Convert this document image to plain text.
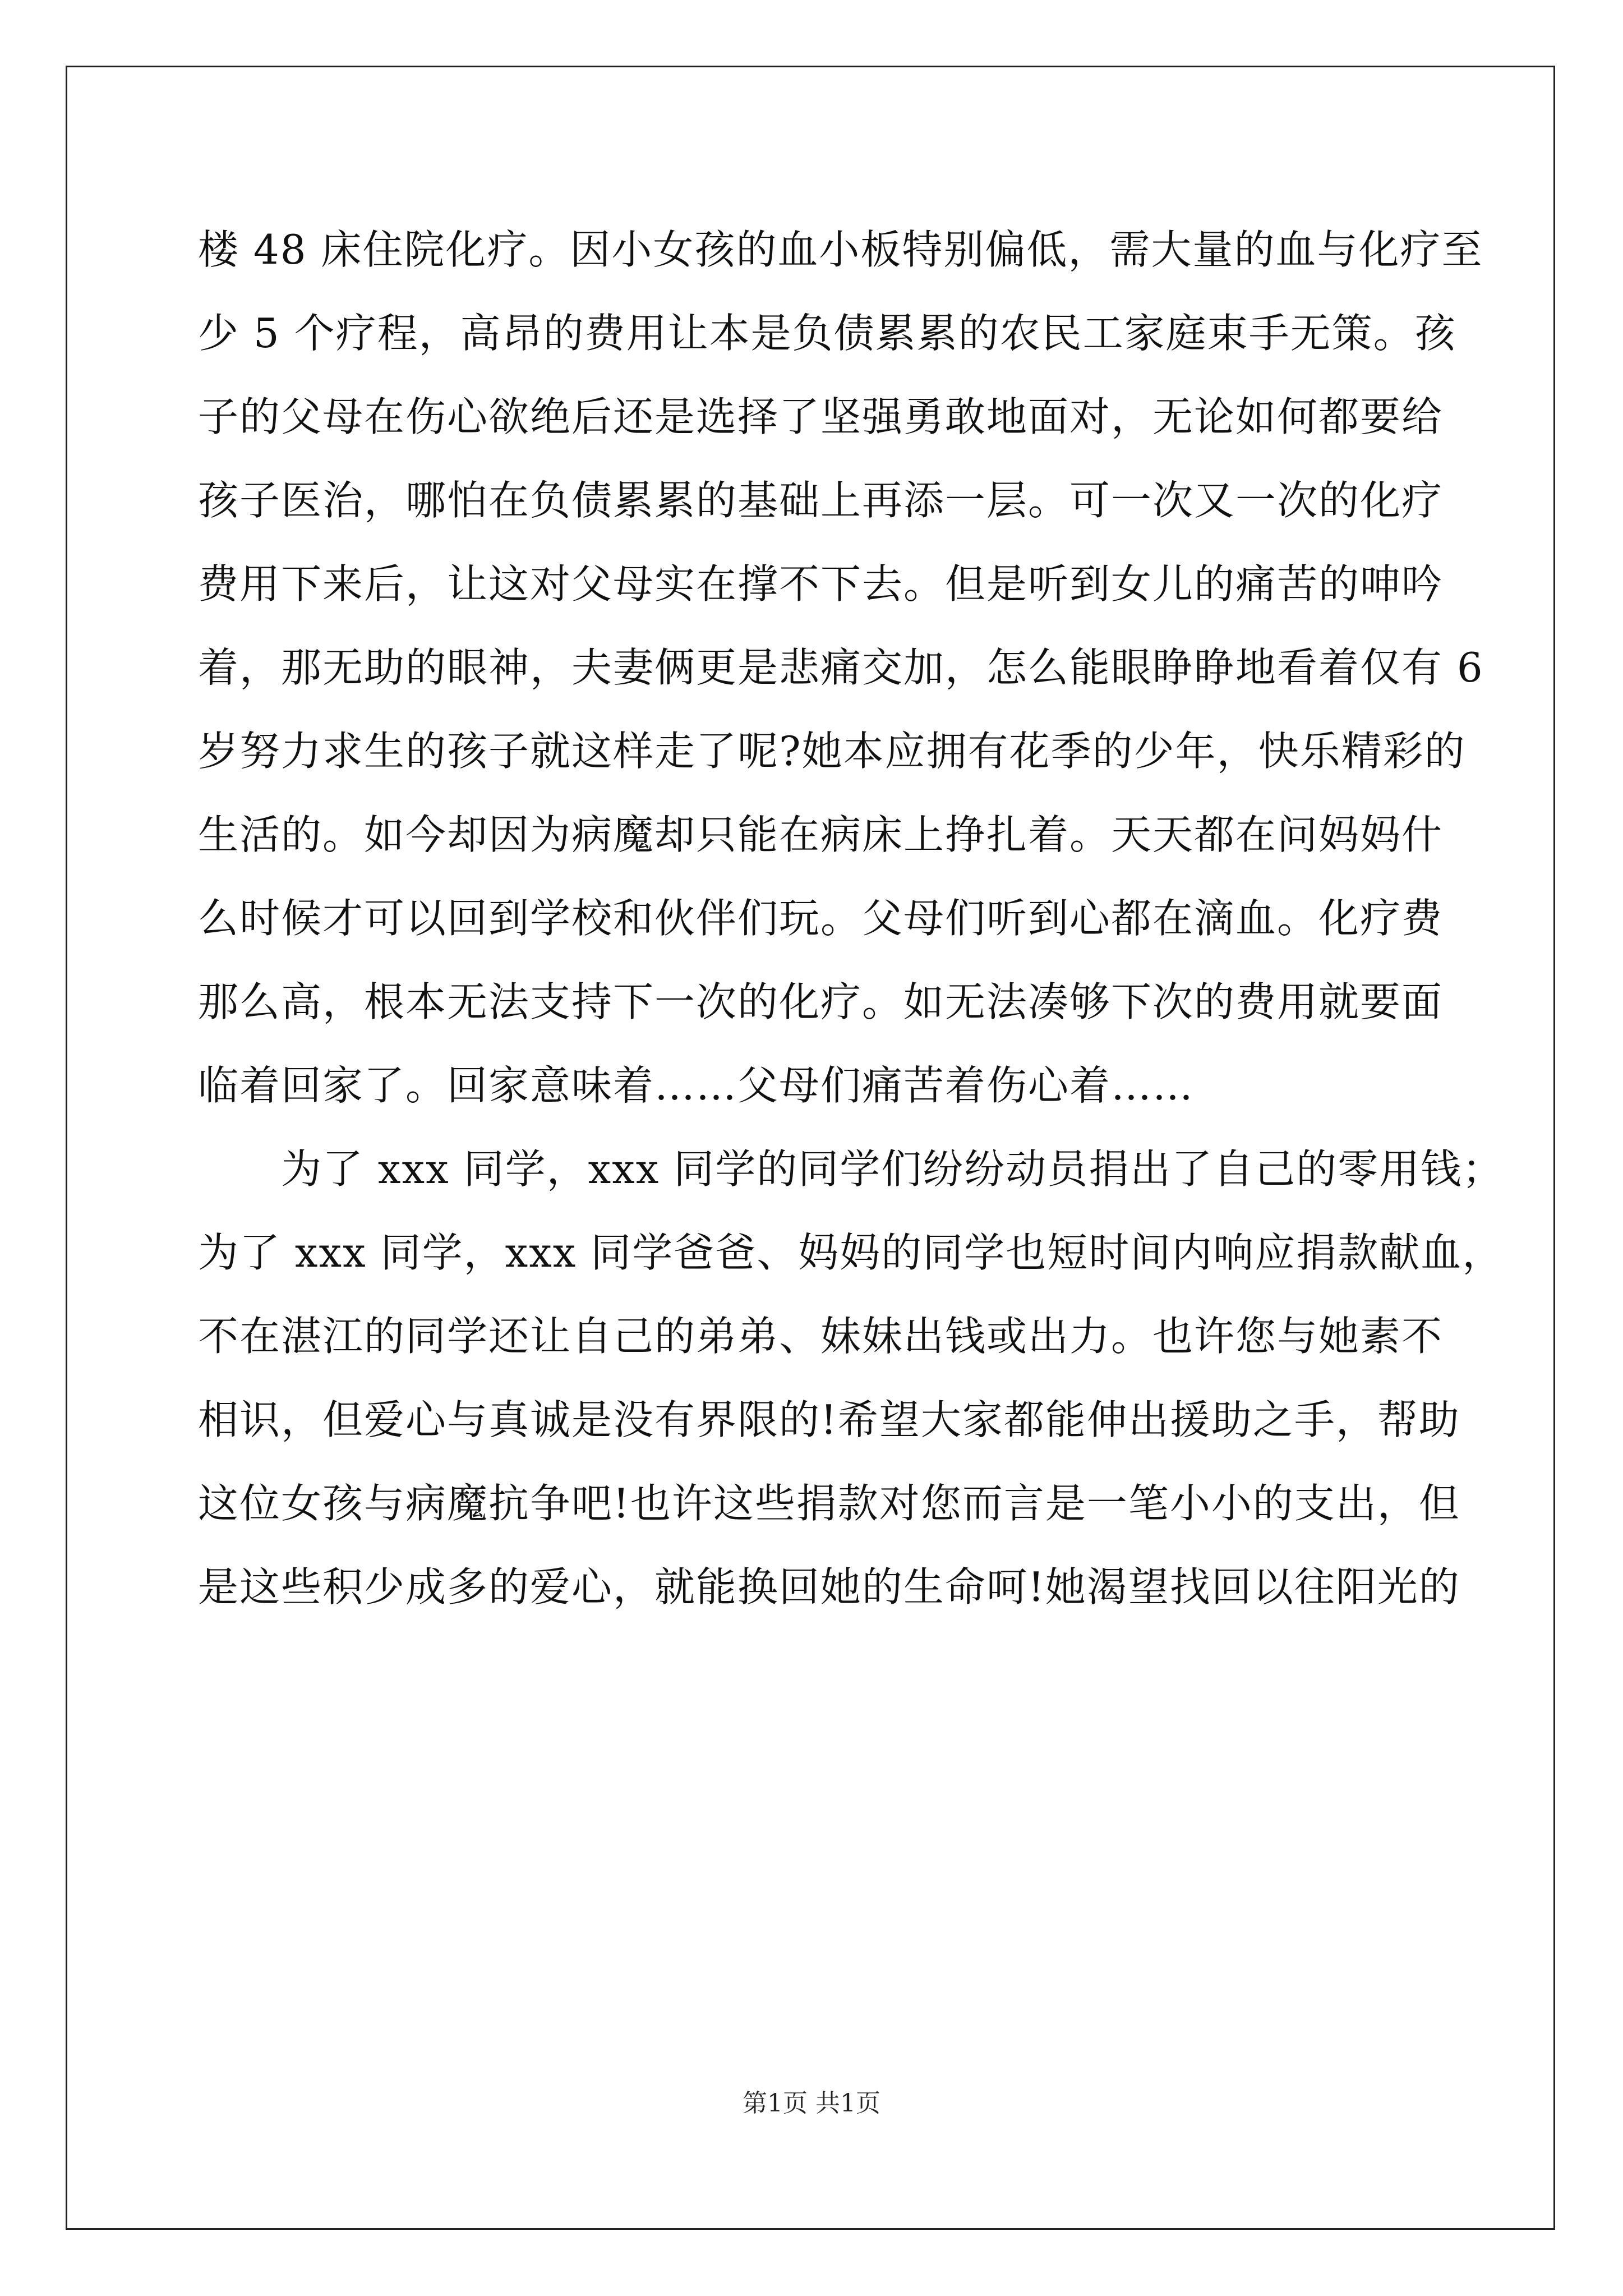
楼 48 床住院化疗。因小女孩的血小板特别偏低，需大量的血与化疗至
少 5 个疗程，高昂的费用让本是负债累累的农民工家庭束手无策。孩
子的父母在伤心欲绝后还是选择了坚强勇敢地面对，无论如何都要给
孩子医治，哪怕在负债累累的基础上再添一层。可一次又一次的化疗
费用下来后，让这对父母实在撑不下去。但是听到女儿的痛苦的呻吟
着，那无助的眼神，夫妻俩更是悲痛交加，怎么能眼睁睁地看着仅有 6
岁努力求生的孩子就这样走了呢?她本应拥有花季的少年，快乐精彩的
生活的。如今却因为病魔却只能在病床上挣扎着。天天都在问妈妈什
么时候才可以回到学校和伙伴们玩。父母们听到心都在滴血。化疗费
那么高，根本无法支持下一次的化疗。如无法凑够下次的费用就要面
临着回家了。回家意味着……父母们痛苦着伤心着……
为了 xxx 同学，xxx 同学的同学们纷纷动员捐出了自己的零用钱；
为了 xxx 同学，xxx 同学爸爸、妈妈的同学也短时间内响应捐款献血，
不在湛江的同学还让自己的弟弟、妹妹出钱或出力。也许您与她素不
相识，但爱心与真诚是没有界限的!希望大家都能伸出援助之手，帮助
这位女孩与病魔抗争吧!也许这些捐款对您而言是一笔小小的支出，但
是这些积少成多的爱心，就能换回她的生命呵!她渴望找回以往阳光的
第1页 共1页
